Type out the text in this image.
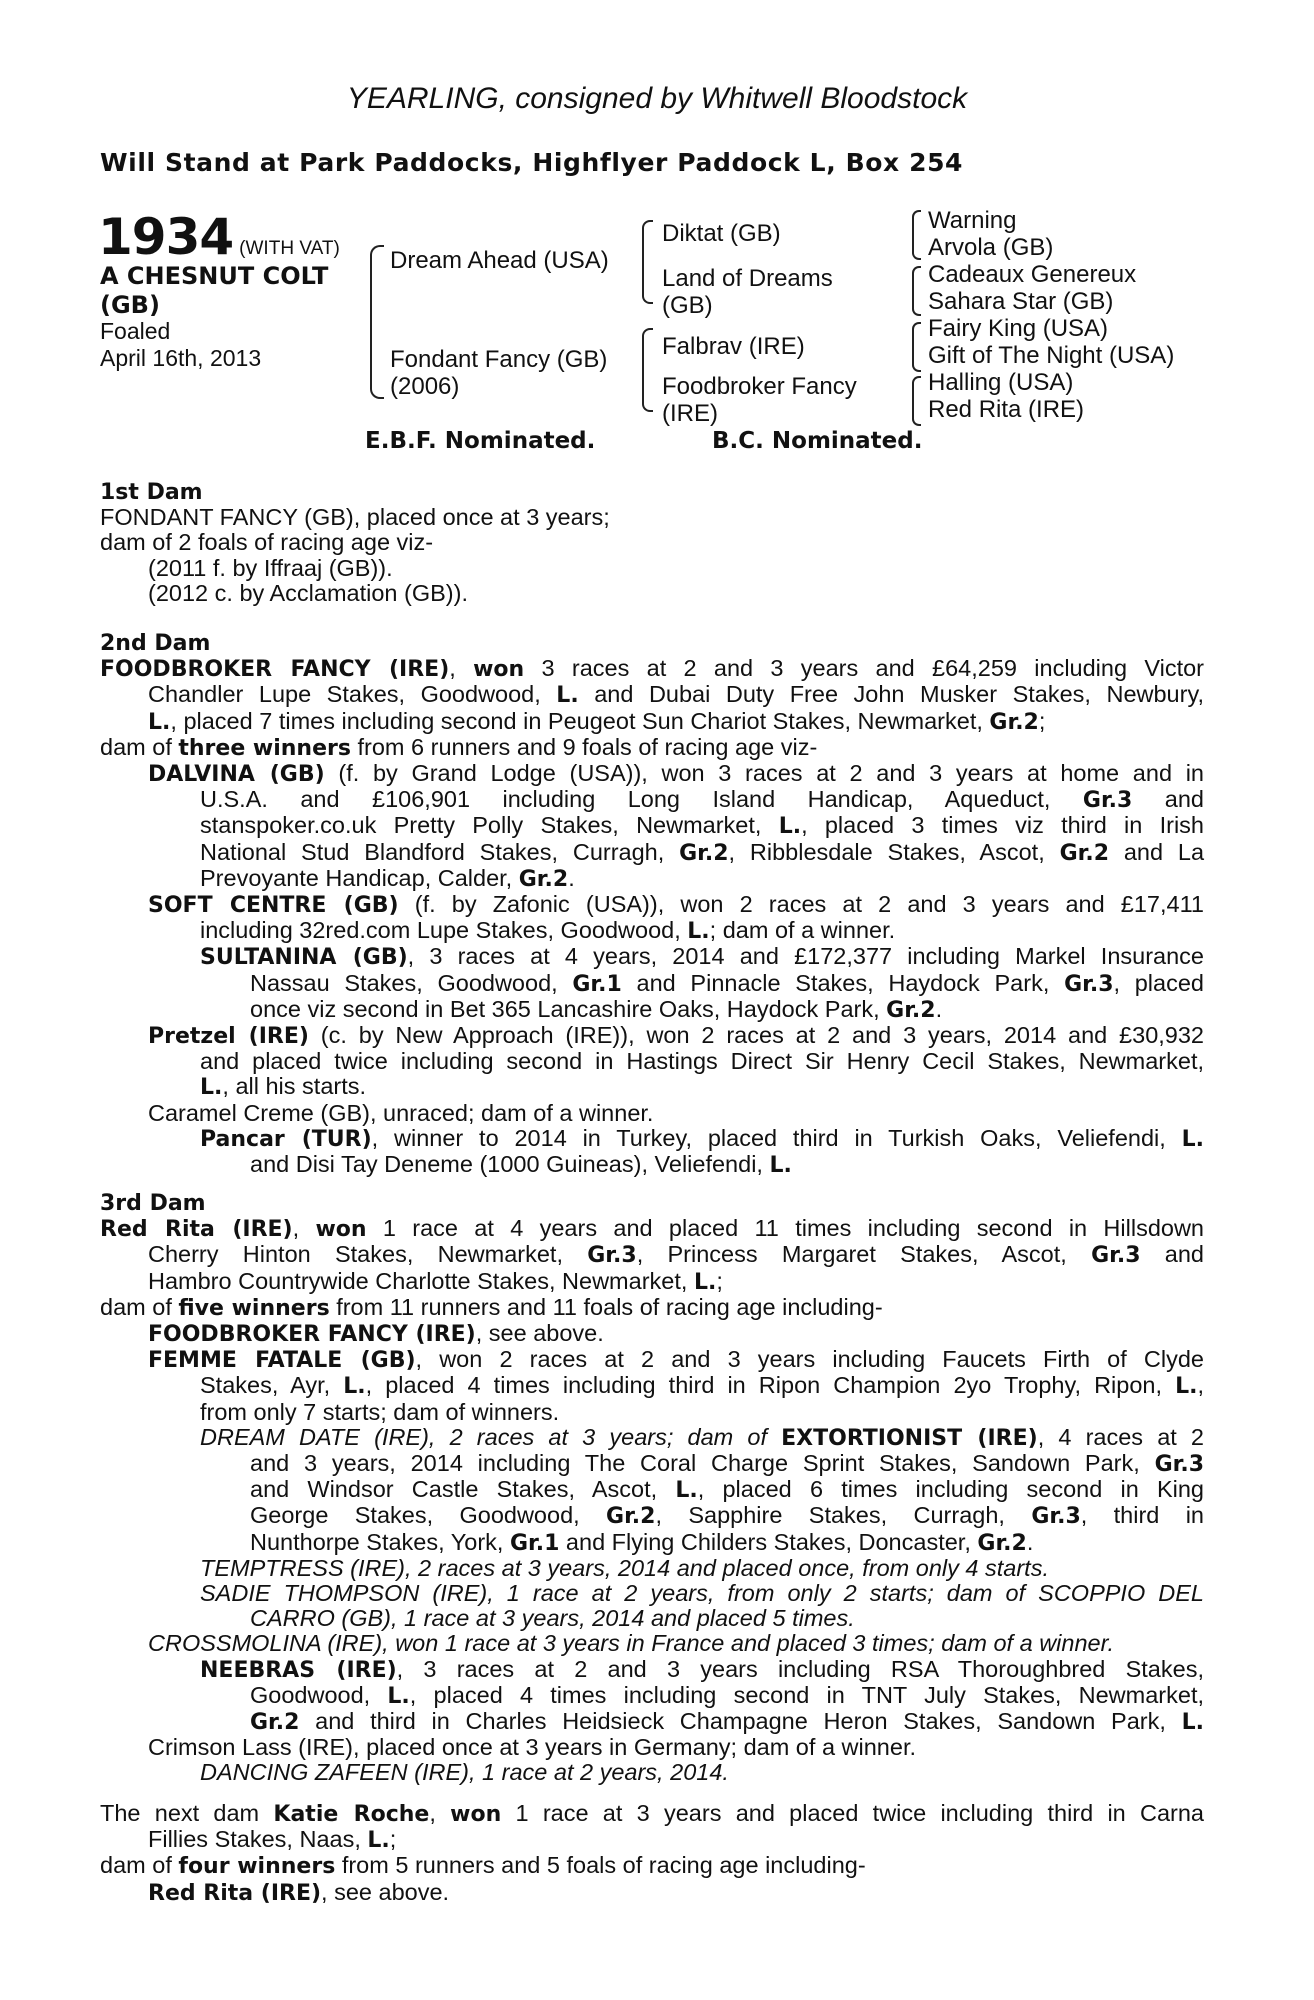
YEARLING, consigned by Whitwell Bloodstock
Will Stand at Park Paddocks, Highflyer Paddock L, Box 254
1934 (WITH VAT)
A CHESNUT COLT
(GB)
Foaled
April 16th, 2013
Dream Ahead (USA)
Fondant Fancy (GB)
(2006)
Diktat (GB)
Land of Dreams
(GB)
Falbrav (IRE)
Foodbroker Fancy
(IRE)
Warning
Arvola (GB)
Cadeaux Genereux
Sahara Star (GB)
Fairy King (USA)
Gift of The Night (USA)
Halling (USA)
Red Rita (IRE)
E.B.F. Nominated.	B.C. Nominated.
1st Dam
FONDANT FANCY (GB), placed once at 3 years;
dam of 2 foals of racing age viz-
(2011 f. by Iffraaj (GB)).
(2012 c. by Acclamation (GB)).
2nd Dam
FOODBROKER FANCY (IRE), won 3 races at 2 and 3 years and £64,259 including Victor
Chandler Lupe Stakes, Goodwood, L. and Dubai Duty Free John Musker Stakes, Newbury,
L., placed 7 times including second in Peugeot Sun Chariot Stakes, Newmarket, Gr.2;
dam of three winners from 6 runners and 9 foals of racing age viz-
DALVINA (GB) (f. by Grand Lodge (USA)), won 3 races at 2 and 3 years at home and in
U.S.A. and £106,901 including Long Island Handicap, Aqueduct, Gr.3 and
stanspoker.co.uk Pretty Polly Stakes, Newmarket, L., placed 3 times viz third in Irish
National Stud Blandford Stakes, Curragh, Gr.2, Ribblesdale Stakes, Ascot, Gr.2 and La
Prevoyante Handicap, Calder, Gr.2.
SOFT CENTRE (GB) (f. by Zafonic (USA)), won 2 races at 2 and 3 years and £17,411
including 32red.com Lupe Stakes, Goodwood, L.; dam of a winner.
SULTANINA (GB), 3 races at 4 years, 2014 and £172,377 including Markel Insurance
Nassau Stakes, Goodwood, Gr.1 and Pinnacle Stakes, Haydock Park, Gr.3, placed
once viz second in Bet 365 Lancashire Oaks, Haydock Park, Gr.2.
Pretzel (IRE) (c. by New Approach (IRE)), won 2 races at 2 and 3 years, 2014 and £30,932
and placed twice including second in Hastings Direct Sir Henry Cecil Stakes, Newmarket,
L., all his starts.
Caramel Creme (GB), unraced; dam of a winner.
Pancar (TUR), winner to 2014 in Turkey, placed third in Turkish Oaks, Veliefendi, L.
and Disi Tay Deneme (1000 Guineas), Veliefendi, L.
3rd Dam
Red Rita (IRE), won 1 race at 4 years and placed 11 times including second in Hillsdown
Cherry Hinton Stakes, Newmarket, Gr.3, Princess Margaret Stakes, Ascot, Gr.3 and
Hambro Countrywide Charlotte Stakes, Newmarket, L.;
dam of five winners from 11 runners and 11 foals of racing age including-
FOODBROKER FANCY (IRE), see above.
FEMME FATALE (GB), won 2 races at 2 and 3 years including Faucets Firth of Clyde
Stakes, Ayr, L., placed 4 times including third in Ripon Champion 2yo Trophy, Ripon, L.,
from only 7 starts; dam of winners.
DREAM DATE (IRE), 2 races at 3 years; dam of EXTORTIONIST (IRE), 4 races at 2
and 3 years, 2014 including The Coral Charge Sprint Stakes, Sandown Park, Gr.3
and Windsor Castle Stakes, Ascot, L., placed 6 times including second in King
George Stakes, Goodwood, Gr.2, Sapphire Stakes, Curragh, Gr.3, third in
Nunthorpe Stakes, York, Gr.1 and Flying Childers Stakes, Doncaster, Gr.2.
TEMPTRESS (IRE), 2 races at 3 years, 2014 and placed once, from only 4 starts.
SADIE THOMPSON (IRE), 1 race at 2 years, from only 2 starts; dam of SCOPPIO DEL
CARRO (GB), 1 race at 3 years, 2014 and placed 5 times.
CROSSMOLINA (IRE), won 1 race at 3 years in France and placed 3 times; dam of a winner.
NEEBRAS (IRE), 3 races at 2 and 3 years including RSA Thoroughbred Stakes,
Goodwood, L., placed 4 times including second in TNT July Stakes, Newmarket,
Gr.2 and third in Charles Heidsieck Champagne Heron Stakes, Sandown Park, L.
Crimson Lass (IRE), placed once at 3 years in Germany; dam of a winner.
DANCING ZAFEEN (IRE), 1 race at 2 years, 2014.
The next dam Katie Roche, won 1 race at 3 years and placed twice including third in Carna
Fillies Stakes, Naas, L.;
dam of four winners from 5 runners and 5 foals of racing age including-
Red Rita (IRE), see above.
